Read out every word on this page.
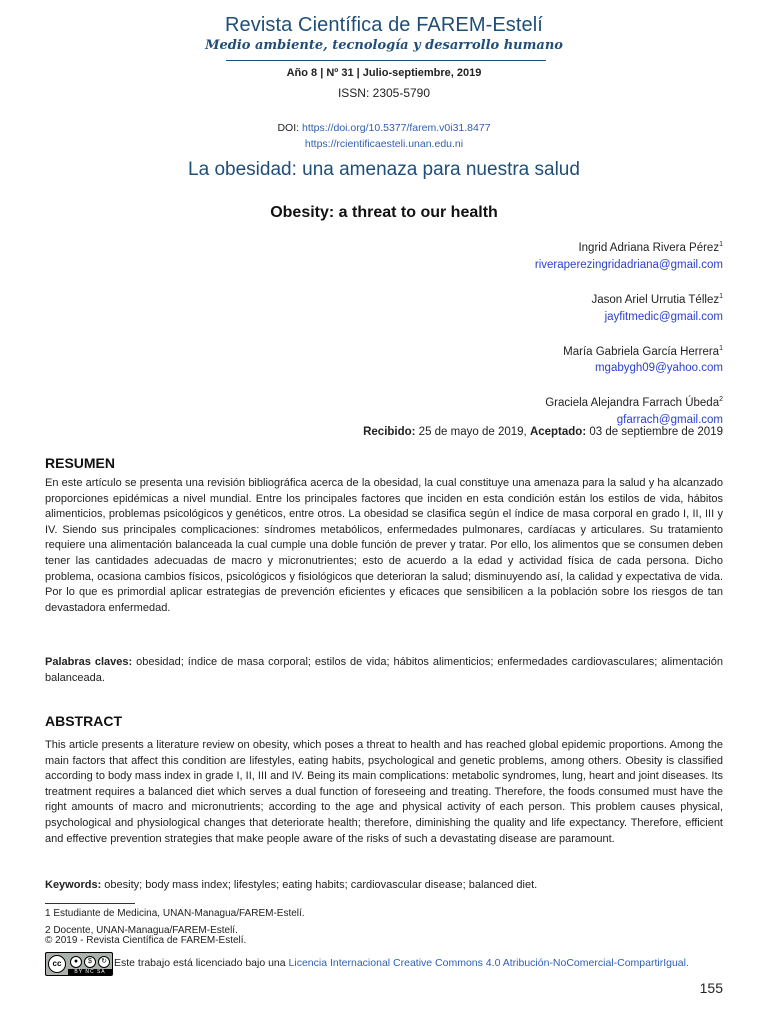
Revista Científica de FAREM-Estelí
Medio ambiente, tecnología y desarrollo humano
Año 8 | Nº 31 | Julio-septiembre, 2019
ISSN: 2305-5790
DOI: https://doi.org/10.5377/farem.v0i31.8477
https://rcientificaesteli.unan.edu.ni
La obesidad: una amenaza para nuestra salud
Obesity: a threat to our health
Ingrid Adriana Rivera Pérez$^1$
riveraperezingridadriana@gmail.com
Jason Ariel Urrutia Téllez$^1$
jayfitmedic@gmail.com
María Gabriela García Herrera$^1$
mgabygh09@yahoo.com
Graciela Alejandra Farrach Úbeda$^2$
gfarrach@gmail.com
Recibido: 25 de mayo de 2019, Aceptado: 03 de septiembre de 2019
RESUMEN

En este artículo se presenta una revisión bibliográfica acerca de la obesidad, la cual constituye una amenaza para la salud y ha alcanzado proporciones epidémicas a nivel mundial. Entre los principales factores que inciden en esta condición están los estilos de vida, hábitos alimenticios, problemas psicológicos y genéticos, entre otros. La obesidad se clasifica según el índice de masa corporal en grado I, II, III y IV. Siendo sus principales complicaciones: síndromes metabólicos, enfermedades pulmonares, cardíacas y articulares. Su tratamiento requiere una alimentación balanceada la cual cumple una doble función de prever y tratar. Por ello, los alimentos que se consumen deben tener las cantidades adecuadas de macro y micronutrientes; esto de acuerdo a la edad y actividad física de cada persona. Dicho problema, ocasiona cambios físicos, psicológicos y fisiológicos que deterioran la salud; disminuyendo así, la calidad y expectativa de vida. Por lo que es primordial aplicar estrategias de prevención eficientes y eficaces que sensibilicen a la población sobre los riesgos de tan devastadora enfermedad.

Palabras claves: obesidad; índice de masa corporal; estilos de vida; hábitos alimenticios; enfermedades cardiovasculares; alimentación balanceada.

ABSTRACT

This article presents a literature review on obesity, which poses a threat to health and has reached global epidemic proportions. Among the main factors that affect this condition are lifestyles, eating habits, psychological and genetic problems, among others. Obesity is classified according to body mass index in grade I, II, III and IV. Being its main complications: metabolic syndromes, lung, heart and joint diseases. Its treatment requires a balanced diet which serves a dual function of foreseeing and treating. Therefore, the foods consumed must have the right amounts of macro and micronutrients; according to the age and physical activity of each person. This problem causes physical, psychological and physiological changes that deteriorate health; therefore, diminishing the quality and life expectancy. Therefore, efficient and effective prevention strategies that make people aware of the risks of such a devastating disease are paramount.

Keywords: obesity; body mass index; lifestyles; eating habits; cardiovascular disease; balanced diet.

1 Estudiante de Medicina, UNAN-Managua/FAREM-Estelí.
2 Docente, UNAN-Managua/FAREM-Estelí.
© 2019 - Revista Científica de FAREM-Estelí.
cc	●	$	↻
BY NC SA
Este trabajo está licenciado bajo una Licencia Internacional Creative Commons 4.0 Atribución-NoComercial-CompartirIgual.
155
